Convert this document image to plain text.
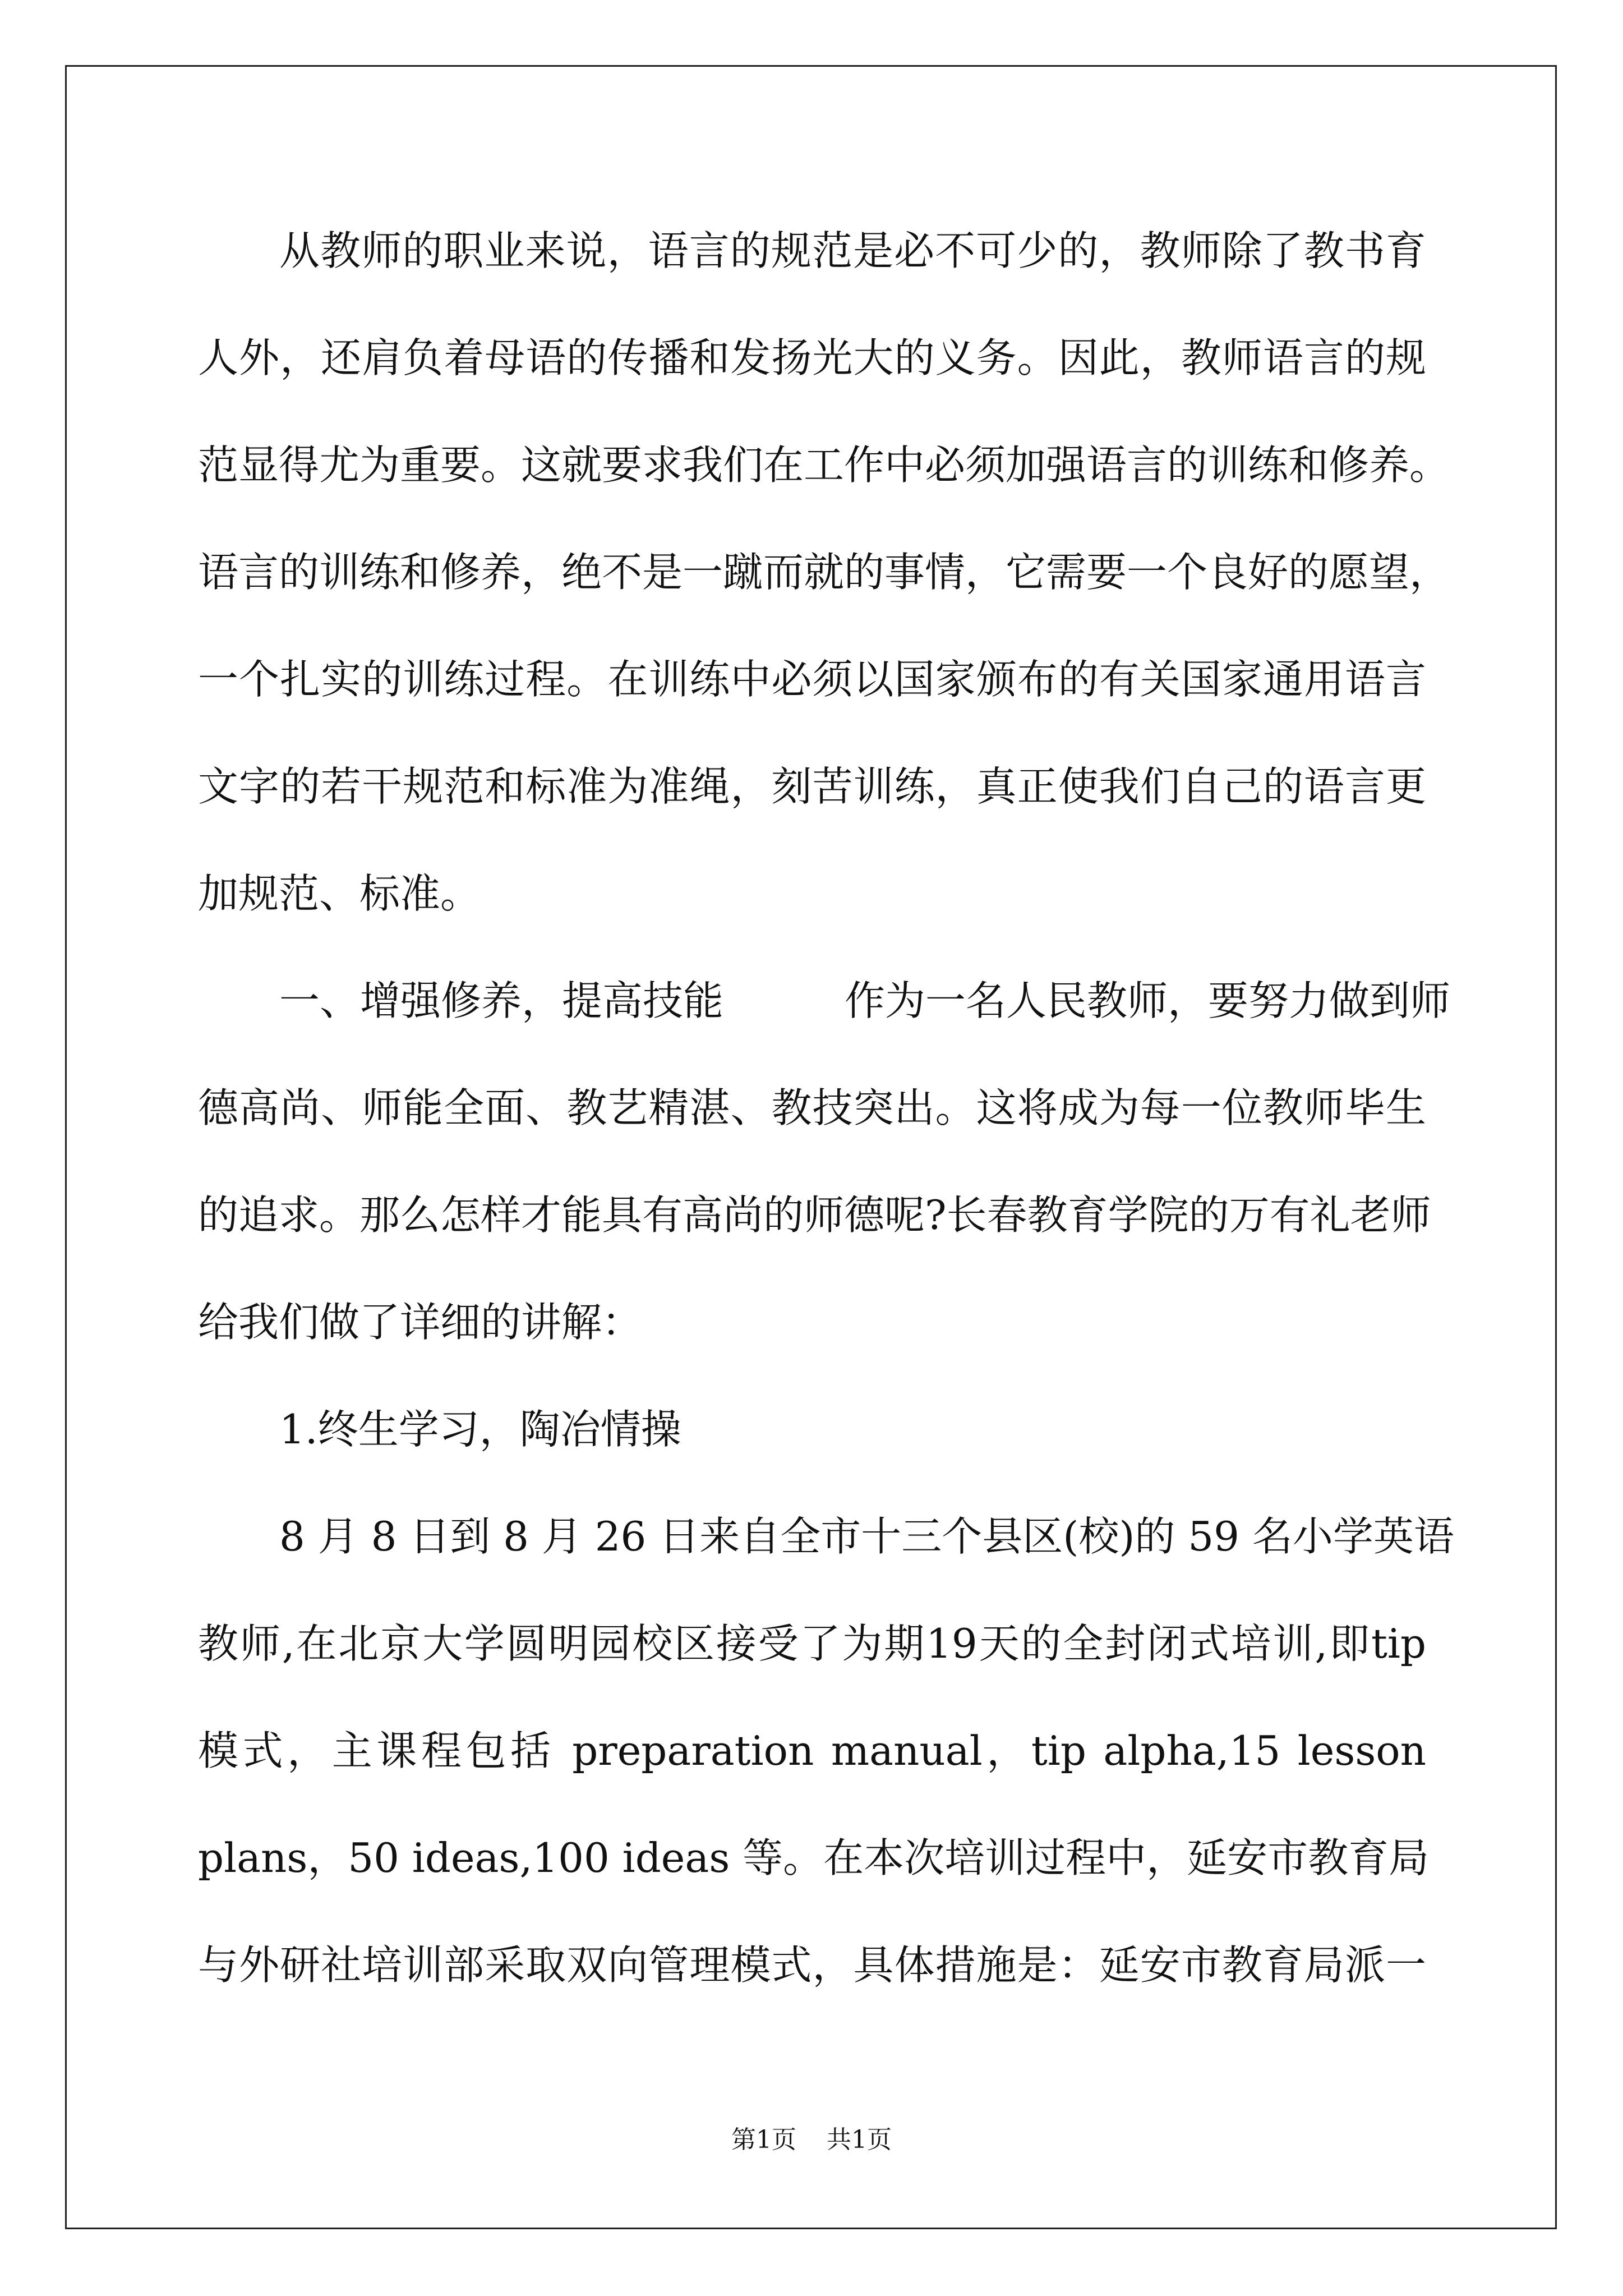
从教师的职业来说，语言的规范是必不可少的，教师除了教书育
人外，还肩负着母语的传播和发扬光大的义务。因此，教师语言的规
范显得尤为重要。这就要求我们在工作中必须加强语言的训练和修养。
语言的训练和修养，绝不是一蹴而就的事情，它需要一个良好的愿望，
一个扎实的训练过程。在训练中必须以国家颁布的有关国家通用语言
文字的若干规范和标准为准绳，刻苦训练，真正使我们自己的语言更
加规范、标准。
一、增强修养，提高技能　　　作为一名人民教师，要努力做到师
德高尚、师能全面、教艺精湛、教技突出。这将成为每一位教师毕生
的追求。那么怎样才能具有高尚的师德呢?长春教育学院的万有礼老师
给我们做了详细的讲解：
1.终生学习，陶冶情操
8 月 8 日到 8 月 26 日来自全市十三个县区(校)的 59 名小学英语
教师,在北京大学圆明园校区接受了为期19天的全封闭式培训,即tip
模式，主课程包括 preparation manual，tip alpha,15 lesson
plans，50 ideas,100 ideas 等。在本次培训过程中，延安市教育局
与外研社培训部采取双向管理模式，具体措施是：延安市教育局派一
第1页 共1页
